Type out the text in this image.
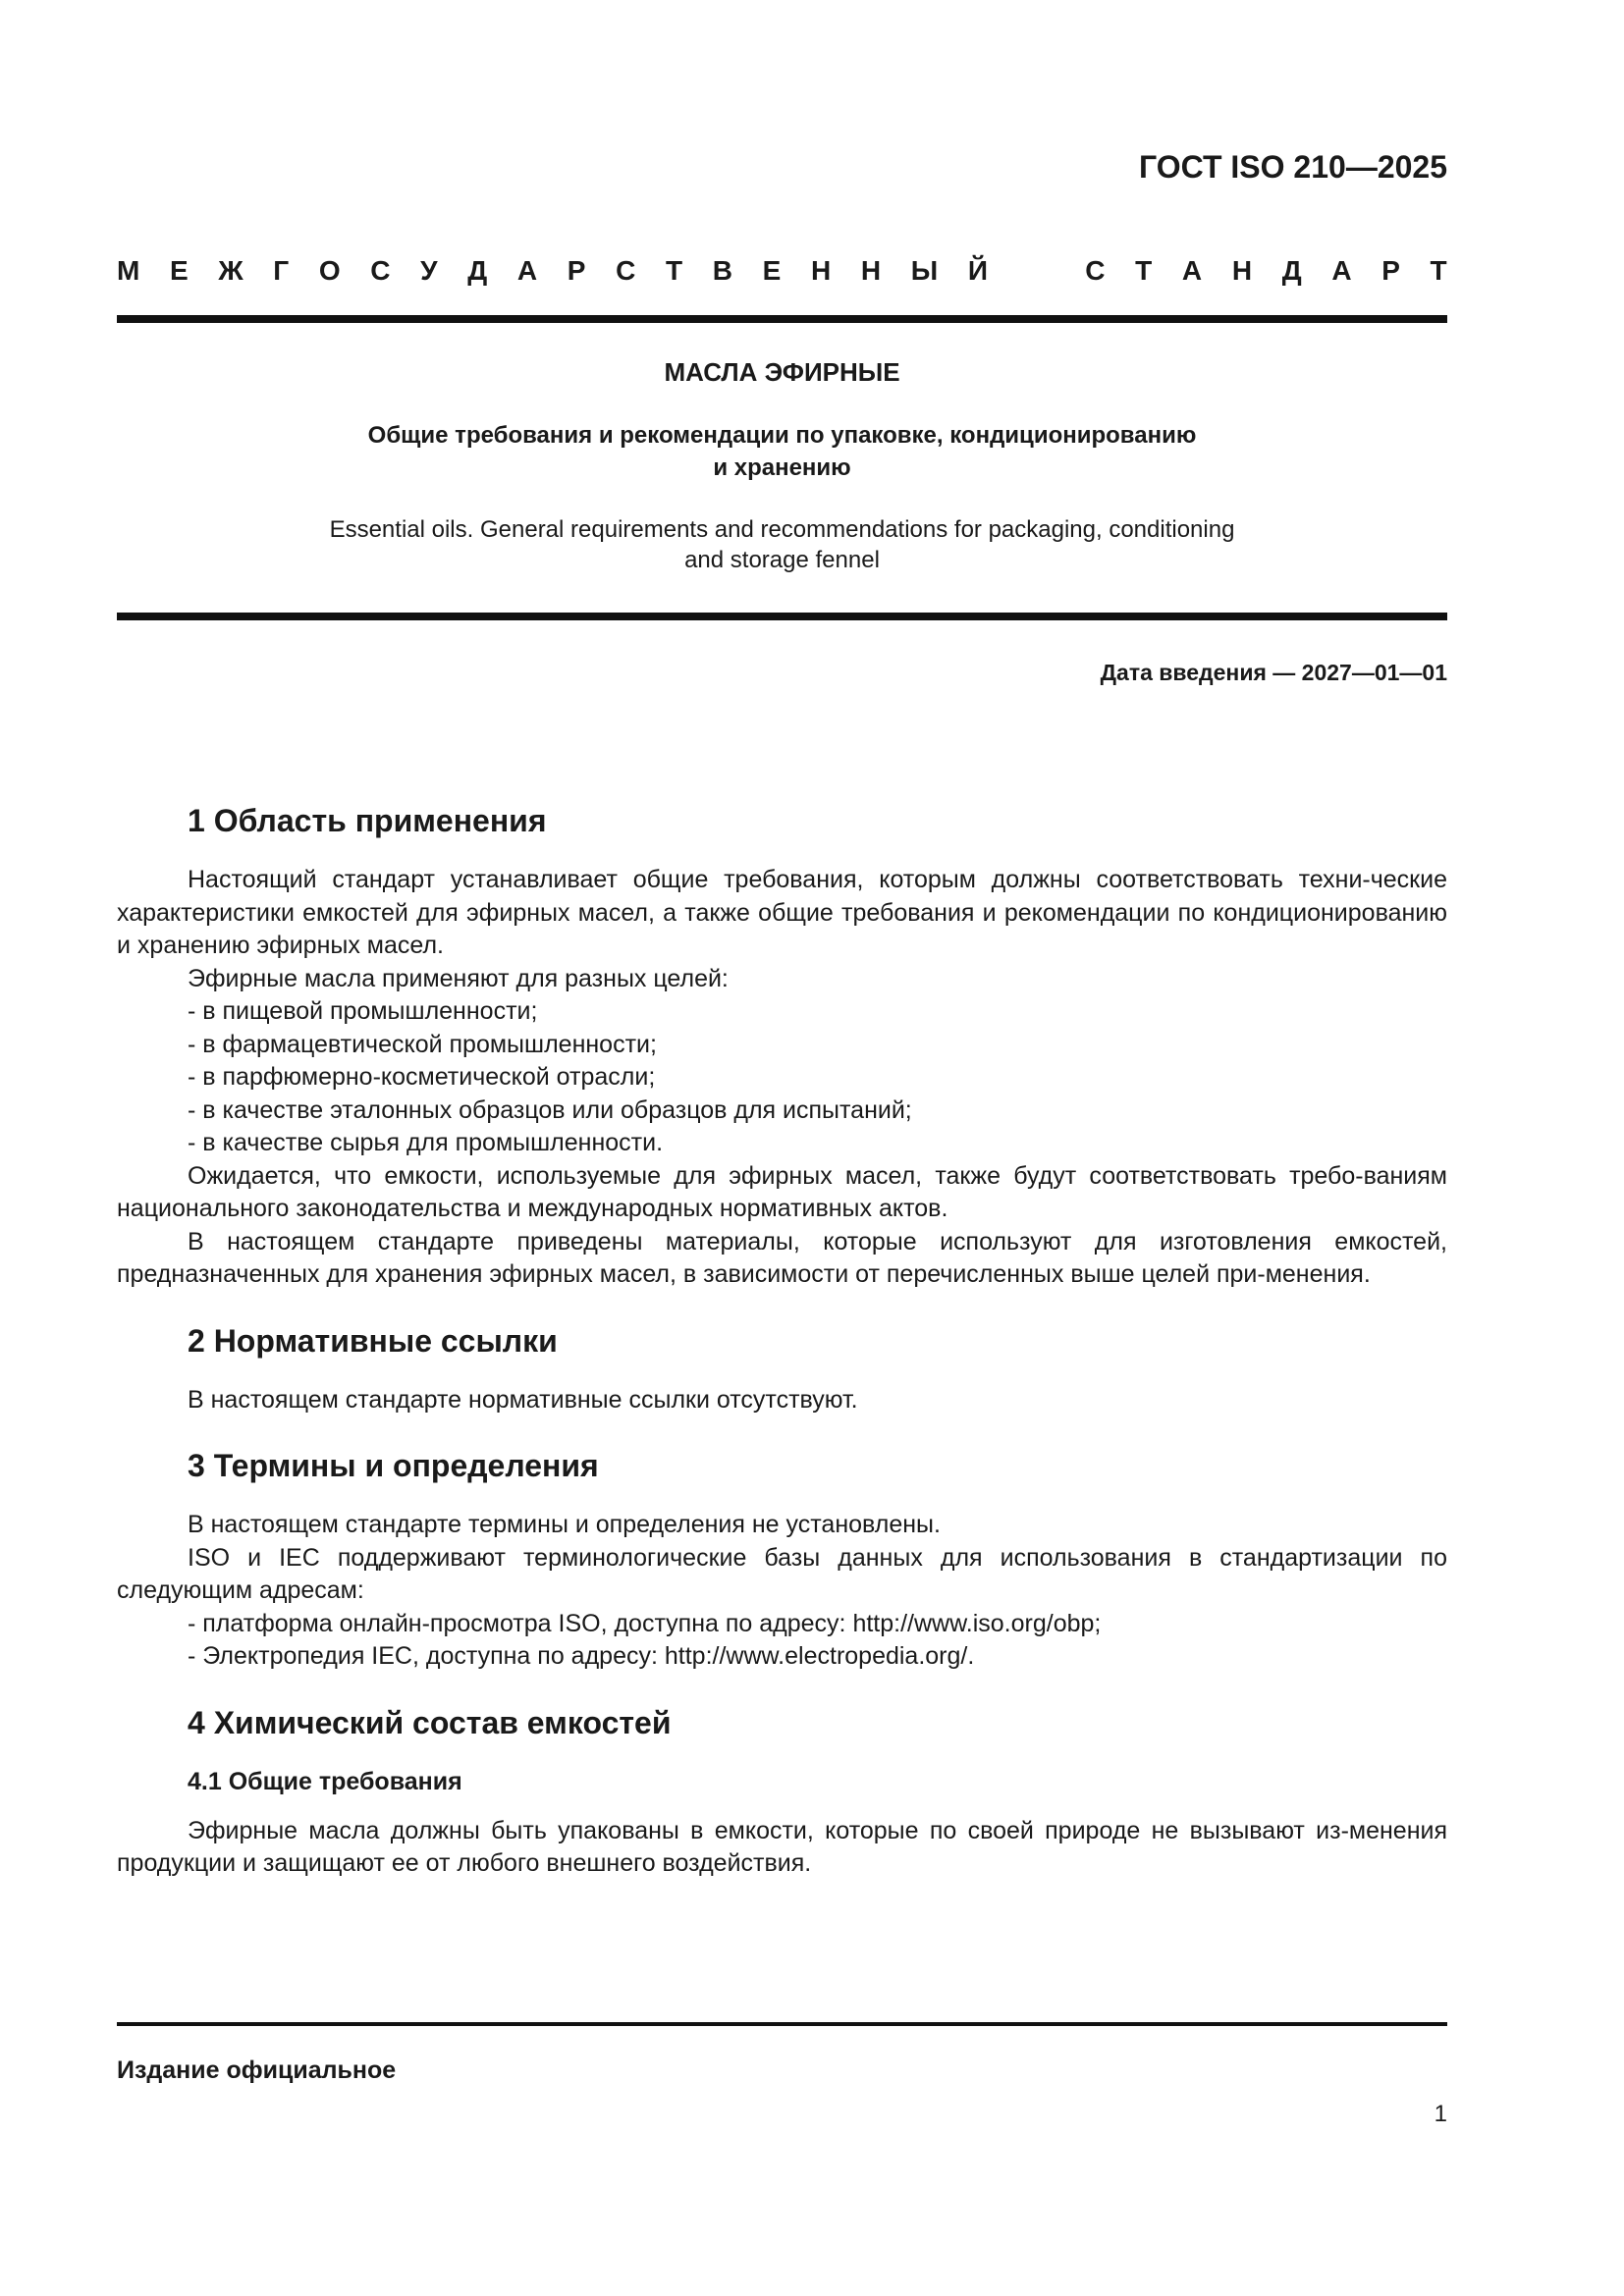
ГОСТ ISO 210—2025
М Е Ж Г О С У Д А Р С Т В Е Н Н Ы Й	С Т А Н Д А Р Т
МАСЛА ЭФИРНЫЕ
Общие требования и рекомендации по упаковке, кондиционированию
и хранению
Essential oils. General requirements and recommendations for packaging, conditioning
and storage fennel
Дата введения — 2027—01—01
1 Область применения

Настоящий стандарт устанавливает общие требования, которым должны соответствовать техни-ческие характеристики емкостей для эфирных масел, а также общие требования и рекомендации по кондиционированию и хранению эфирных масел.

Эфирные масла применяют для разных целей:

- в пищевой промышленности;
- в фармацевтической промышленности;
- в парфюмерно-косметической отрасли;
- в качестве эталонных образцов или образцов для испытаний;
- в качестве сырья для промышленности.

Ожидается, что емкости, используемые для эфирных масел, также будут соответствовать требо-ваниям национального законодательства и международных нормативных актов.

В настоящем стандарте приведены материалы, которые используют для изготовления емкостей, предназначенных для хранения эфирных масел, в зависимости от перечисленных выше целей при-менения.

2 Нормативные ссылки

В настоящем стандарте нормативные ссылки отсутствуют.

3 Термины и определения

В настоящем стандарте термины и определения не установлены.

ISO и IEC поддерживают терминологические базы данных для использования в стандартизации по следующим адресам:

- платформа онлайн-просмотра ISO, доступна по адресу: http://www.iso.org/obp;
- Электропедия IEC, доступна по адресу: http://www.electropedia.org/.
4 Химический состав емкостей
4.1 Общие требования

Эфирные масла должны быть упакованы в емкости, которые по своей природе не вызывают из-менения продукции и защищают ее от любого внешнего воздействия.

Издание официальное
1
